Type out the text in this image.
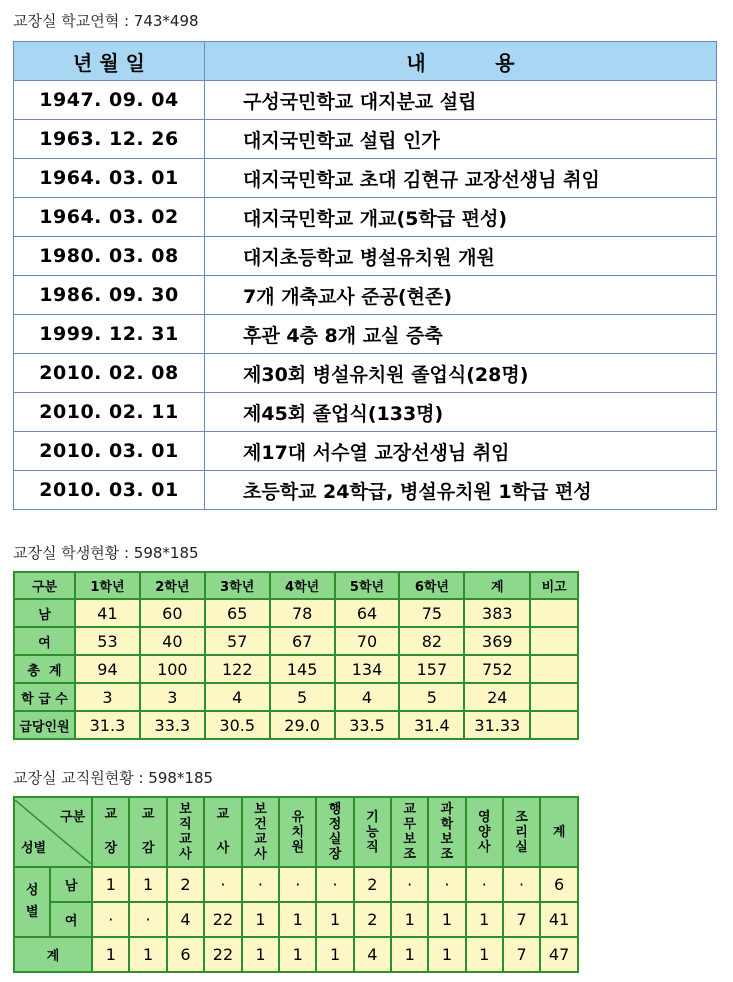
교장실 학교연혁 : 743*498
년 월 일	내          용
1947. 09. 04	구성국민학교 대지분교 설립
1963. 12. 26	대지국민학교 설립 인가
1964. 03. 01	대지국민학교 초대 김현규 교장선생님 취임
1964. 03. 02	대지국민학교 개교(5학급 편성)
1980. 03. 08	대지초등학교 병설유치원 개원
1986. 09. 30	7개 개축교사 준공(현존)
1999. 12. 31	후관 4층 8개 교실 증축
2010. 02. 08	제30회 병설유치원 졸업식(28명)
2010. 02. 11	제45회 졸업식(133명)
2010. 03. 01	제17대 서수열 교장선생님 취임
2010. 03. 01	초등학교 24학급, 병설유치원 1학급 편성
교장실 학생현황 : 598*185
구분	1학년	2학년	3학년	4학년	5학년	6학년	계	비고
남	41	60	65	78	64	75	383	
여	53	40	57	67	70	82	369	
총  계	94	100	122	145	134	157	752	
학 급 수	3	3	4	5	4	5	24	
급당인원	31.3	33.3	30.5	29.0	33.5	31.4	31.33	
교장실 교직원현황 : 598*185
구분
성별		교 장	교 감	보직교사	교 사	보건교사	유치원	행정실장	기능직	교무보조	과학보조	영양사	조리실	계
성별	남	1	1	2	·	·	·	·	2	·	·	·	·	6
	여	·	·	4	22	1	1	1	2	1	1	1	7	41
계		1	1	6	22	1	1	1	4	1	1	1	7	47
